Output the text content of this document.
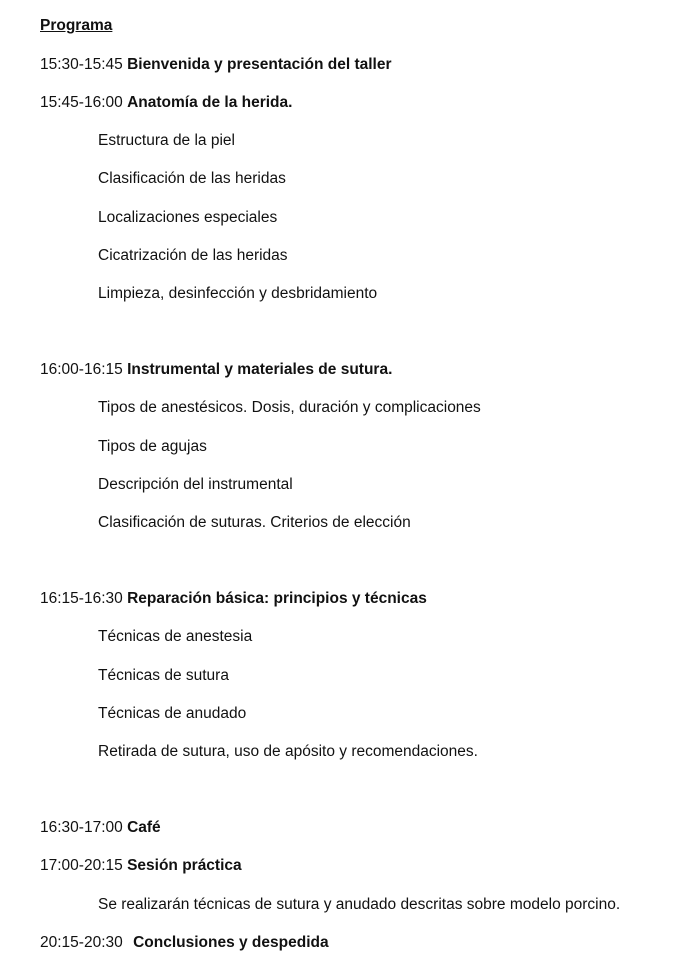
Programa
15:30-15:45 Bienvenida y presentación del taller
15:45-16:00 Anatomía de la herida.
Estructura de la piel
Clasificación de las heridas
Localizaciones especiales
Cicatrización de las heridas
Limpieza, desinfección y desbridamiento
16:00-16:15 Instrumental y materiales de sutura.
Tipos de anestésicos. Dosis, duración y complicaciones
Tipos de agujas
Descripción del instrumental
Clasificación de suturas. Criterios de elección
16:15-16:30 Reparación básica: principios y técnicas
Técnicas de anestesia
Técnicas de sutura
Técnicas de anudado
Retirada de sutura, uso de apósito y recomendaciones.
16:30-17:00 Café
17:00-20:15 Sesión práctica
Se realizarán técnicas de sutura y anudado descritas sobre modelo porcino.
20:15-20:30 Conclusiones y despedida
